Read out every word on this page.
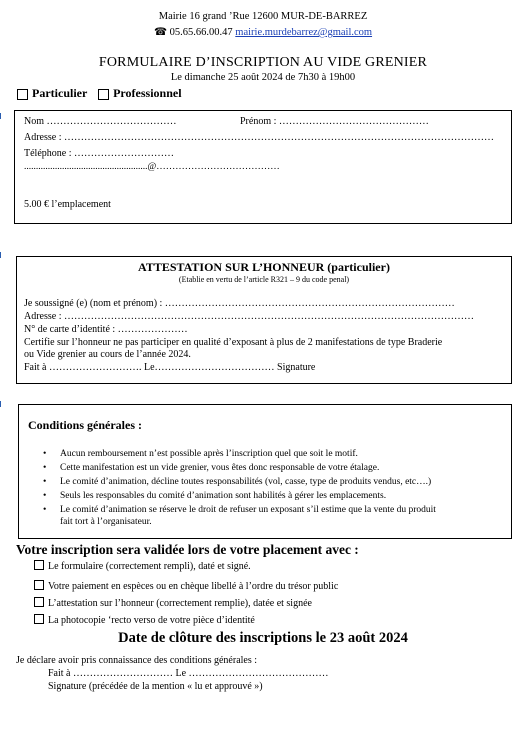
Mairie 16 grand ’Rue 12600 MUR-DE-BARREZ
☎ 05.65.66.00.47 mairie.murdebarrez@gmail.com
FORMULAIRE D’INSCRIPTION AU VIDE GRENIER
Le dimanche 25 août 2024 de 7h30 à 19h00
Particulier Professionnel
Nom …………………………………	Prénom : ………………………………………
Adresse : …………………………………………………………………………………………………………………
Téléphone : …………………………
....................................................@…………………………………
5.00 € l’emplacement
ATTESTATION SUR L’HONNEUR (particulier)
(Etablie en vertu de l’article R321 – 9 du code penal)
Je soussigné (e) (nom et prénom) : ……………………………………………………………………………
Adresse : ……………………………………………………………………………………………………………
N° de carte d’identité : …………………
Certifie sur l’honneur ne pas participer en qualité d’exposant à plus de 2 manifestations de type Braderie
ou Vide grenier au cours de l’année 2024.
Fait à ………………………. Le……………………………… Signature
Conditions générales :
• Aucun remboursement n’est possible après l’inscription quel que soit le motif.
• Cette manifestation est un vide grenier, vous êtes donc responsable de votre étalage.
• Le comité d’animation, décline toutes responsabilités (vol, casse, type de produits vendus, etc….)
• Seuls les responsables du comité d’animation sont habilités à gérer les emplacements.
• Le comité d’animation se réserve le droit de refuser un exposant s’il estime que la vente du produit
fait tort à l’organisateur.
Votre inscription sera validée lors de votre placement avec :
Le formulaire (correctement rempli), daté et signé.
Votre paiement en espèces ou en chèque libellé à l’ordre du trésor public
L’attestation sur l’honneur (correctement remplie), datée et signée
La photocopie ‘recto verso de votre pièce d’identité
Date de clôture des inscriptions le 23 août 2024
Je déclare avoir pris connaissance des conditions générales :
Fait à ………………………… Le ……………………………………
Signature (précédée de la mention « lu et approuvé »)
